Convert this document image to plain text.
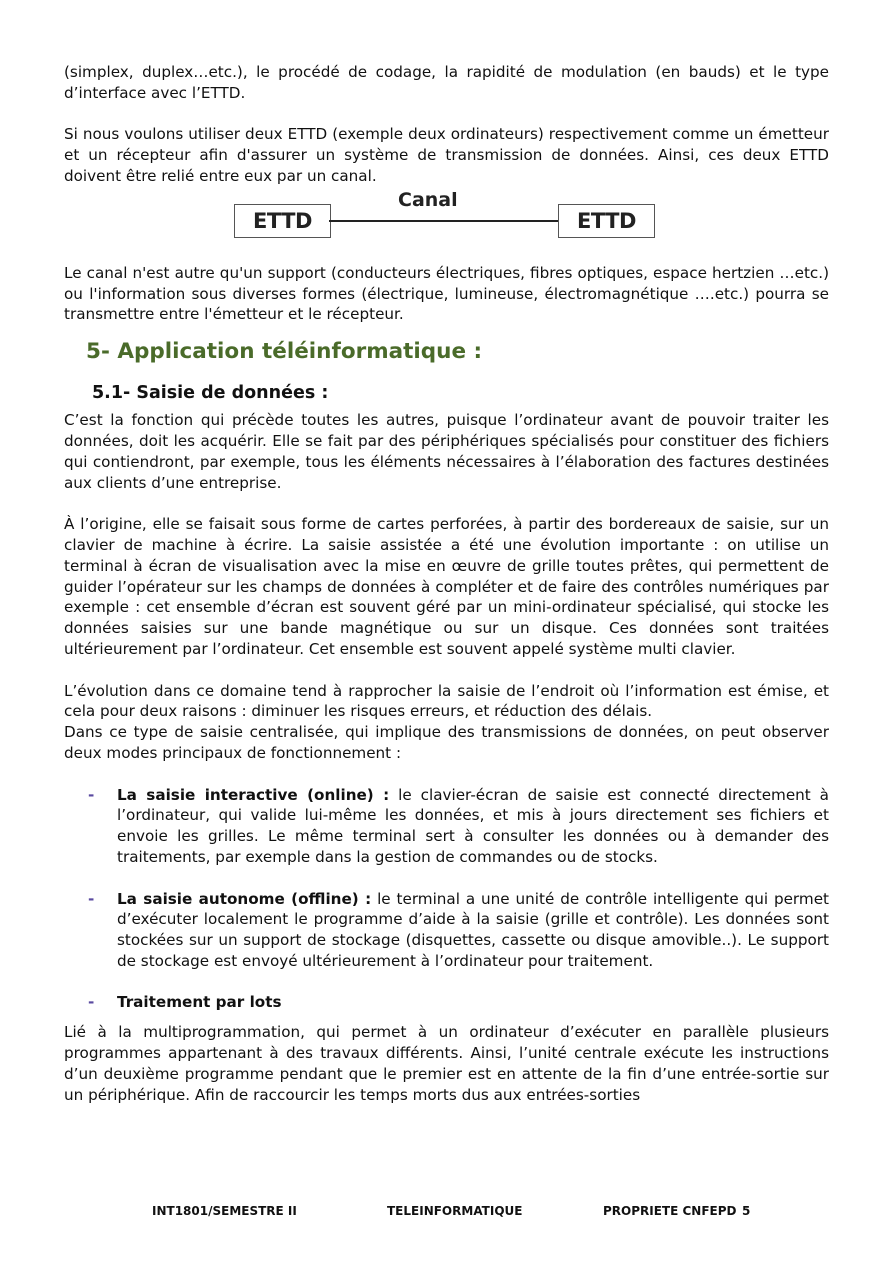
(simplex, duplex…etc.), le procédé de codage, la rapidité de modulation (en bauds) et le type d’interface avec l’ETTD.

Si nous voulons utiliser deux ETTD (exemple deux ordinateurs) respectivement comme un émetteur et un récepteur afin d'assurer un système de transmission de données. Ainsi, ces deux ETTD doivent être relié entre eux par un canal.

ETTD
Canal
ETTD

Le canal n'est autre qu'un support (conducteurs électriques, fibres optiques, espace hertzien …etc.) ou l'information sous diverses formes (électrique, lumineuse, électromagnétique ….etc.) pourra se transmettre entre l'émetteur et le récepteur.

5- Application téléinformatique :
5.1- Saisie de données :

C’est la fonction qui précède toutes les autres, puisque l’ordinateur avant de pouvoir traiter les données, doit les acquérir. Elle se fait par des périphériques spécialisés pour constituer des fichiers qui contiendront, par exemple, tous les éléments nécessaires à l’élaboration des factures destinées aux clients d’une entreprise.

À l’origine, elle se faisait sous forme de cartes perforées, à partir des bordereaux de saisie, sur un clavier de machine à écrire. La saisie assistée a été une évolution importante : on utilise un terminal à écran de visualisation avec la mise en œuvre de grille toutes prêtes, qui permettent de guider l’opérateur sur les champs de données à compléter et de faire des contrôles numériques par exemple : cet ensemble d’écran est souvent géré par un mini-ordinateur spécialisé, qui stocke les données saisies sur une bande magnétique ou sur un disque. Ces données sont traitées ultérieurement par l’ordinateur. Cet ensemble est souvent appelé système multi clavier.

L’évolution dans ce domaine tend à rapprocher la saisie de l’endroit où l’information est émise, et cela pour deux raisons : diminuer les risques erreurs, et réduction des délais.

Dans ce type de saisie centralisée, qui implique des transmissions de données, on peut observer deux modes principaux de fonctionnement :

- La saisie interactive (online) : le clavier-écran de saisie est connecté directement à l’ordinateur, qui valide lui-même les données, et mis à jours directement ses fichiers et envoie les grilles. Le même terminal sert à consulter les données ou à demander des traitements, par exemple dans la gestion de commandes ou de stocks.

- La saisie autonome (offline) : le terminal a une unité de contrôle intelligente qui permet d’exécuter localement le programme d’aide à la saisie (grille et contrôle). Les données sont stockées sur un support de stockage (disquettes, cassette ou disque amovible..). Le support de stockage est envoyé ultérieurement à l’ordinateur pour traitement.

- Traitement par lots

Lié à la multiprogrammation, qui permet à un ordinateur d’exécuter en parallèle plusieurs programmes appartenant à des travaux différents. Ainsi, l’unité centrale exécute les instructions d’un deuxième programme pendant que le premier est en attente de la fin d’une entrée-sortie sur un périphérique. Afin de raccourcir les temps morts dus aux entrées-sorties

INT1801/SEMESTRE II	TELEINFORMATIQUE	PROPRIETE CNFEPD 5
